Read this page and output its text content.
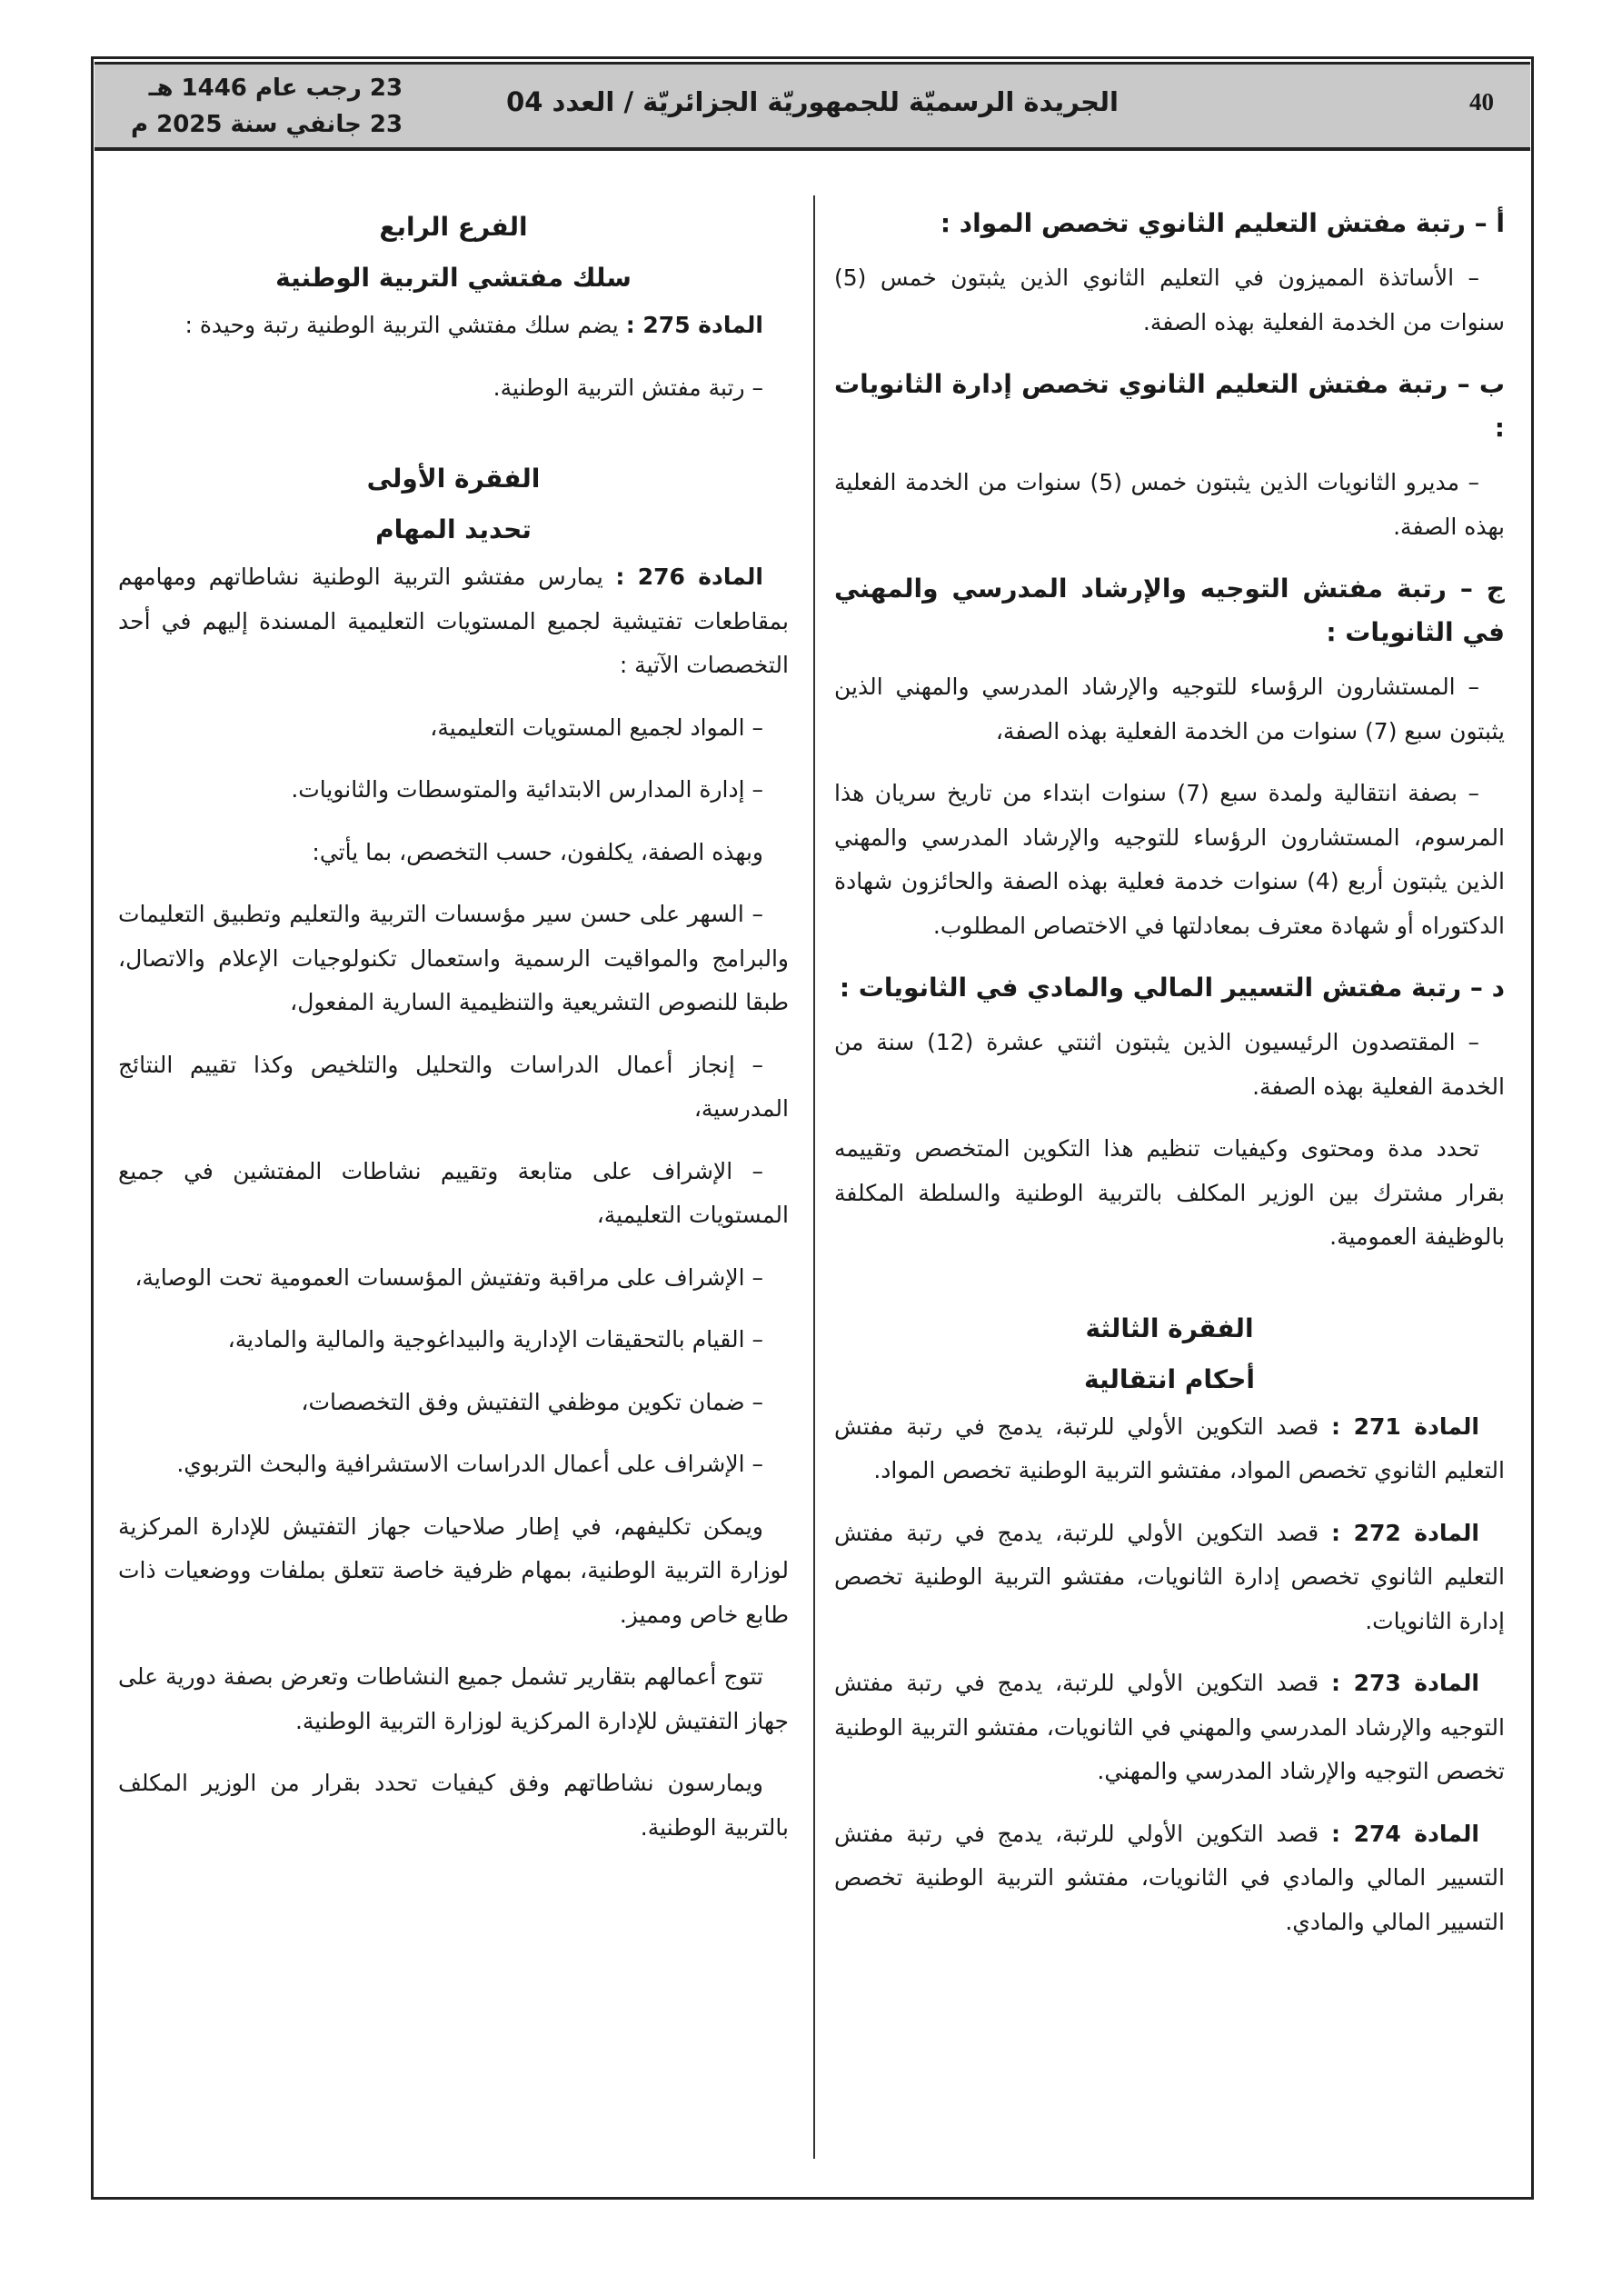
40
الجريدة الرسميّة للجمهوريّة الجزائريّة / العدد 04
23 رجب عام 1446 هـ
23 جانفي سنة 2025 م
أ – رتبة مفتش التعليم الثانوي تخصص المواد :

– الأساتذة المميزون في التعليم الثانوي الذين يثبتون خمس (5) سنوات من الخدمة الفعلية بهذه الصفة.

ب – رتبة مفتش التعليم الثانوي تخصص إدارة الثانويات :

– مديرو الثانويات الذين يثبتون خمس (5) سنوات من الخدمة الفعلية بهذه الصفة.

ج – رتبة مفتش التوجيه والإرشاد المدرسي والمهني في الثانويات :

– المستشارون الرؤساء للتوجيه والإرشاد المدرسي والمهني الذين يثبتون سبع (7) سنوات من الخدمة الفعلية بهذه الصفة،

– بصفة انتقالية ولمدة سبع (7) سنوات ابتداء من تاريخ سريان هذا المرسوم، المستشارون الرؤساء للتوجيه والإرشاد المدرسي والمهني الذين يثبتون أربع (4) سنوات خدمة فعلية بهذه الصفة والحائزون شهادة الدكتوراه أو شهادة معترف بمعادلتها في الاختصاص المطلوب.

د – رتبة مفتش التسيير المالي والمادي في الثانويات :

– المقتصدون الرئيسيون الذين يثبتون اثنتي عشرة (12) سنة من الخدمة الفعلية بهذه الصفة.

تحدد مدة ومحتوى وكيفيات تنظيم هذا التكوين المتخصص وتقييمه بقرار مشترك بين الوزير المكلف بالتربية الوطنية والسلطة المكلفة بالوظيفة العمومية.

الفقرة الثالثة
أحكام انتقالية

المادة 271 : قصد التكوين الأولي للرتبة، يدمج في رتبة مفتش التعليم الثانوي تخصص المواد، مفتشو التربية الوطنية تخصص المواد.

المادة 272 : قصد التكوين الأولي للرتبة، يدمج في رتبة مفتش التعليم الثانوي تخصص إدارة الثانويات، مفتشو التربية الوطنية تخصص إدارة الثانويات.

المادة 273 : قصد التكوين الأولي للرتبة، يدمج في رتبة مفتش التوجيه والإرشاد المدرسي والمهني في الثانويات، مفتشو التربية الوطنية تخصص التوجيه والإرشاد المدرسي والمهني.

المادة 274 : قصد التكوين الأولي للرتبة، يدمج في رتبة مفتش التسيير المالي والمادي في الثانويات، مفتشو التربية الوطنية تخصص التسيير المالي والمادي.

الفرع الرابع
سلك مفتشي التربية الوطنية

المادة 275 : يضم سلك مفتشي التربية الوطنية رتبة وحيدة :

– رتبة مفتش التربية الوطنية.

الفقرة الأولى
تحديد المهام

المادة 276 : يمارس مفتشو التربية الوطنية نشاطاتهم ومهامهم بمقاطعات تفتيشية لجميع المستويات التعليمية المسندة إليهم في أحد التخصصات الآتية :

– المواد لجميع المستويات التعليمية،

– إدارة المدارس الابتدائية والمتوسطات والثانويات.

وبهذه الصفة، يكلفون، حسب التخصص، بما يأتي:

– السهر على حسن سير مؤسسات التربية والتعليم وتطبيق التعليمات والبرامج والمواقيت الرسمية واستعمال تكنولوجيات الإعلام والاتصال، طبقا للنصوص التشريعية والتنظيمية السارية المفعول،

– إنجاز أعمال الدراسات والتحليل والتلخيص وكذا تقييم النتائج المدرسية،

– الإشراف على متابعة وتقييم نشاطات المفتشين في جميع المستويات التعليمية،

– الإشراف على مراقبة وتفتيش المؤسسات العمومية تحت الوصاية،

– القيام بالتحقيقات الإدارية والبيداغوجية والمالية والمادية،

– ضمان تكوين موظفي التفتيش وفق التخصصات،

– الإشراف على أعمال الدراسات الاستشرافية والبحث التربوي.

ويمكن تكليفهم، في إطار صلاحيات جهاز التفتيش للإدارة المركزية لوزارة التربية الوطنية، بمهام ظرفية خاصة تتعلق بملفات ووضعيات ذات طابع خاص ومميز.

تتوج أعمالهم بتقارير تشمل جميع النشاطات وتعرض بصفة دورية على جهاز التفتيش للإدارة المركزية لوزارة التربية الوطنية.

ويمارسون نشاطاتهم وفق كيفيات تحدد بقرار من الوزير المكلف بالتربية الوطنية.
